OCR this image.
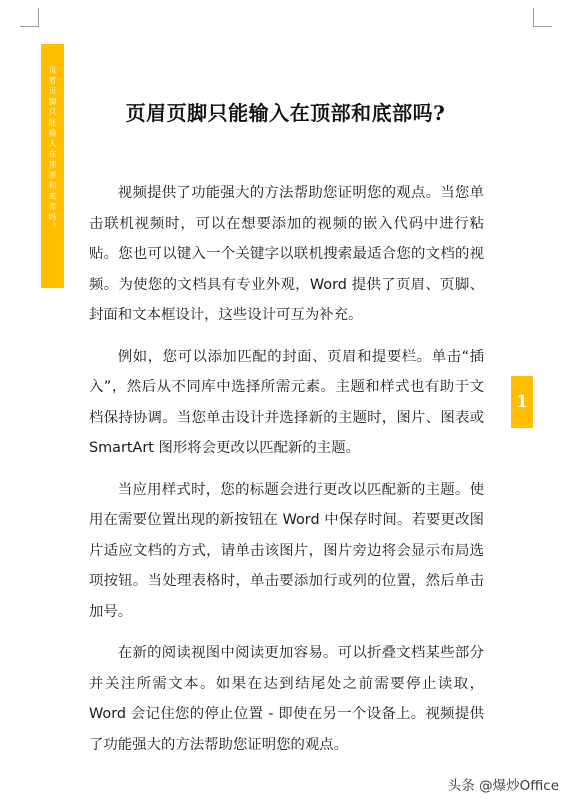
页眉页脚只能输入在顶部和底部吗？	页眉页脚只能输入在顶部和底部吗?

视频提供了功能强大的方法帮助您证明您的观点。当您单击联机视频时，可以在想要添加的视频的嵌入代码中进行粘贴。您也可以键入一个关键字以联机搜索最适合您的文档的视频。为使您的文档具有专业外观，Word 提供了页眉、页脚、封面和文本框设计，这些设计可互为补充。

例如，您可以添加匹配的封面、页眉和提要栏。单击“插入”，然后从不同库中选择所需元素。主题和样式也有助于文档保持协调。当您单击设计并选择新的主题时，图片、图表或 SmartArt 图形将会更改以匹配新的主题。

当应用样式时，您的标题会进行更改以匹配新的主题。使用在需要位置出现的新按钮在 Word 中保存时间。若要更改图片适应文档的方式，请单击该图片，图片旁边将会显示布局选项按钮。当处理表格时，单击要添加行或列的位置，然后单击加号。

在新的阅读视图中阅读更加容易。可以折叠文档某些部分并关注所需文本。如果在达到结尾处之前需要停止读取，Word 会记住您的停止位置 - 即使在另一个设备上。视频提供了功能强大的方法帮助您证明您的观点。

1
头条 @爆炒Office
